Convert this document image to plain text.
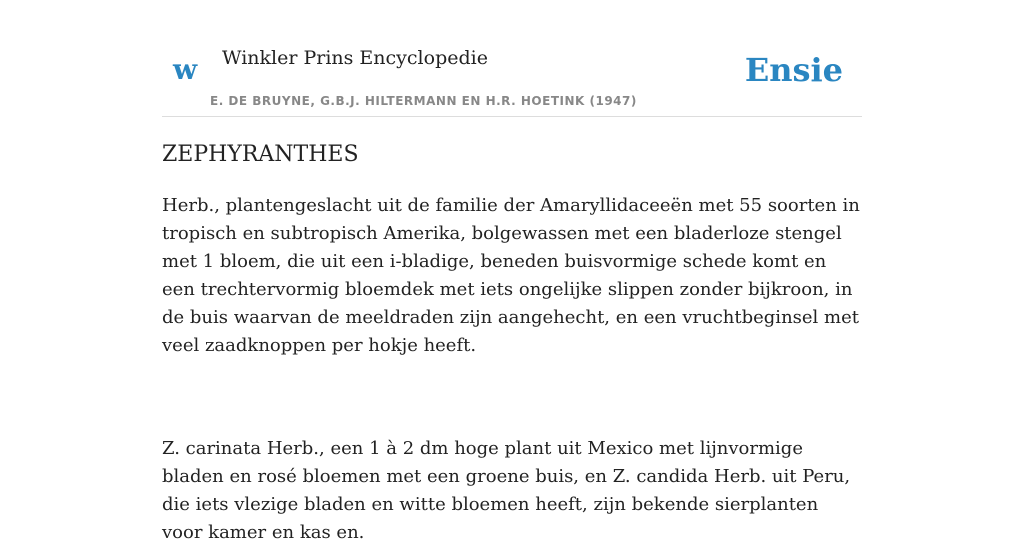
w Winkler Prins Encyclopedie
E. DE BRUYNE, G.B.J. HILTERMANN EN H.R. HOETINK (1947)
Ensie
ZEPHYRANTHES

Herb., plantengeslacht uit de familie der Amaryllidaceeën met 55 soorten in tropisch en subtropisch Amerika, bolgewassen met een bladerloze stengel met 1 bloem, die uit een i-bladige, beneden buisvormige schede komt en een trechtervormig bloemdek met iets ongelijke slippen zonder bijkroon, in de buis waarvan de meeldraden zijn aangehecht, en een vruchtbeginsel met veel zaadknoppen per hokje heeft.

Z. carinata Herb., een 1 à 2 dm hoge plant uit Mexico met lijnvormige bladen en rosé bloemen met een groene buis, en Z. candida Herb. uit Peru, die iets vlezige bladen en witte bloemen heeft, zijn bekende sierplanten voor kamer en kas en.
